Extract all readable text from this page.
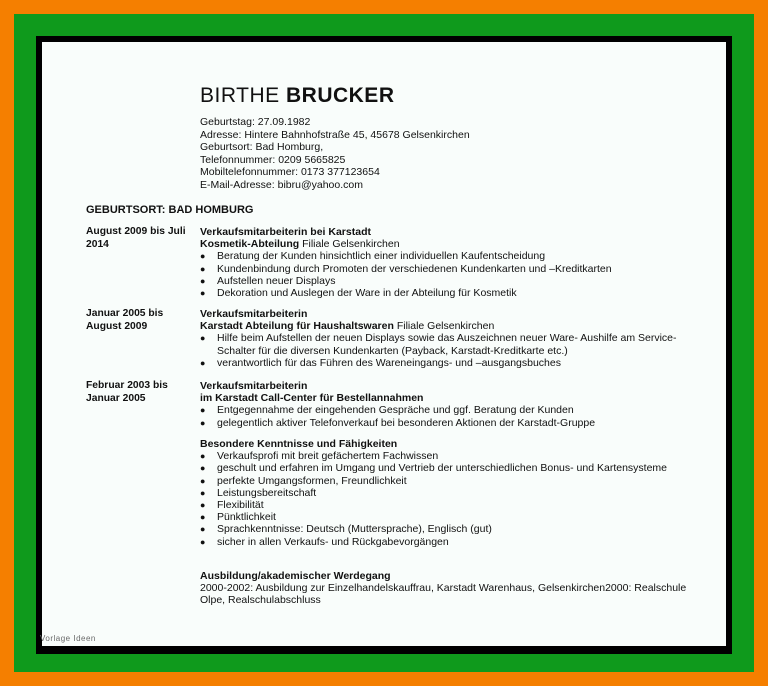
BIRTHE BRUCKER
Geburtstag: 27.09.1982
Adresse: Hintere Bahnhofstraße 45, 45678 Gelsenkirchen
Geburtsort: Bad Homburg,
Telefonnummer: 0209 5665825
Mobiltelefonnummer: 0173 377123654
E-Mail-Adresse: bibru@yahoo.com
GEBURTSORT: BAD HOMBURG
August 2009 bis Juli 2014
Verkaufsmitarbeiterin bei Karstadt
Kosmetik-Abteilung Filiale Gelsenkirchen
● Beratung der Kunden hinsichtlich einer individuellen Kaufentscheidung
● Kundenbindung durch Promoten der verschiedenen Kundenkarten und –Kreditkarten
● Aufstellen neuer Displays
● Dekoration und Auslegen der Ware in der Abteilung für Kosmetik
Januar 2005 bis August 2009
Verkaufsmitarbeiterin
Karstadt Abteilung für Haushaltswaren Filiale Gelsenkirchen
● Hilfe beim Aufstellen der neuen Displays sowie das Auszeichnen neuer Ware- Aushilfe am Service-Schalter für die diversen Kundenkarten (Payback, Karstadt-Kreditkarte etc.)
● verantwortlich für das Führen des Wareneingangs- und –ausgangsbuches
Februar 2003 bis Januar 2005
Verkaufsmitarbeiterin
im Karstadt Call-Center für Bestellannahmen
● Entgegennahme der eingehenden Gespräche und ggf. Beratung der Kunden
● gelegentlich aktiver Telefonverkauf bei besonderen Aktionen der Karstadt-Gruppe
Besondere Kenntnisse und Fähigkeiten
● Verkaufsprofi mit breit gefächertem Fachwissen
● geschult und erfahren im Umgang und Vertrieb der unterschiedlichen Bonus- und Kartensysteme
● perfekte Umgangsformen, Freundlichkeit
● Leistungsbereitschaft
● Flexibilität
● Pünktlichkeit
● Sprachkenntnisse: Deutsch (Muttersprache), Englisch (gut)
● sicher in allen Verkaufs- und Rückgabevorgängen
Ausbildung/akademischer Werdegang
2000-2002: Ausbildung zur Einzelhandelskauffrau, Karstadt Warenhaus, Gelsenkirchen2000: Realschule Olpe, Realschulabschluss
Vorlage Ideen
